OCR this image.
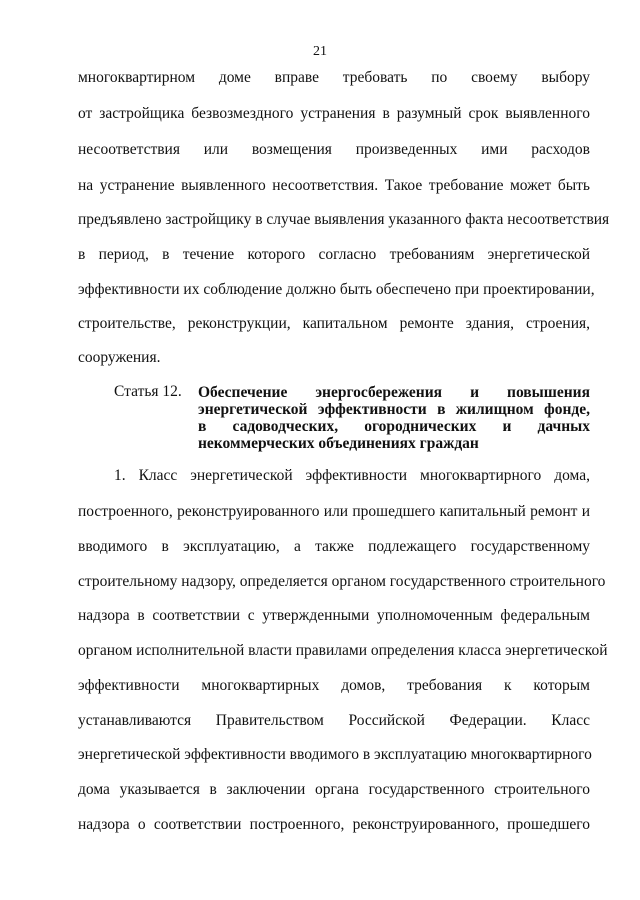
21
многоквартирном доме вправе требовать по своему выбору
от застройщика безвозмездного устранения в разумный срок выявленного
несоответствия или возмещения произведенных ими расходов
на устранение выявленного несоответствия. Такое требование может быть
предъявлено застройщику в случае выявления указанного факта несоответствия
в период, в течение которого согласно требованиям энергетической
эффективности их соблюдение должно быть обеспечено при проектировании,
строительстве, реконструкции, капитальном ремонте здания, строения,
сооружения.
Статья 12. Обеспечение энергосбережения и повышения
энергетической эффективности в жилищном фонде,
в садоводческих, огороднических и дачных
некоммерческих объединениях граждан
1. Класс энергетической эффективности многоквартирного дома,
построенного, реконструированного или прошедшего капитальный ремонт и
вводимого в эксплуатацию, а также подлежащего государственному
строительному надзору, определяется органом государственного строительного
надзора в соответствии с утвержденными уполномоченным федеральным
органом исполнительной власти правилами определения класса энергетической
эффективности многоквартирных домов, требования к которым
устанавливаются Правительством Российской Федерации. Класс
энергетической эффективности вводимого в эксплуатацию многоквартирного
дома указывается в заключении органа государственного строительного
надзора о соответствии построенного, реконструированного, прошедшего
